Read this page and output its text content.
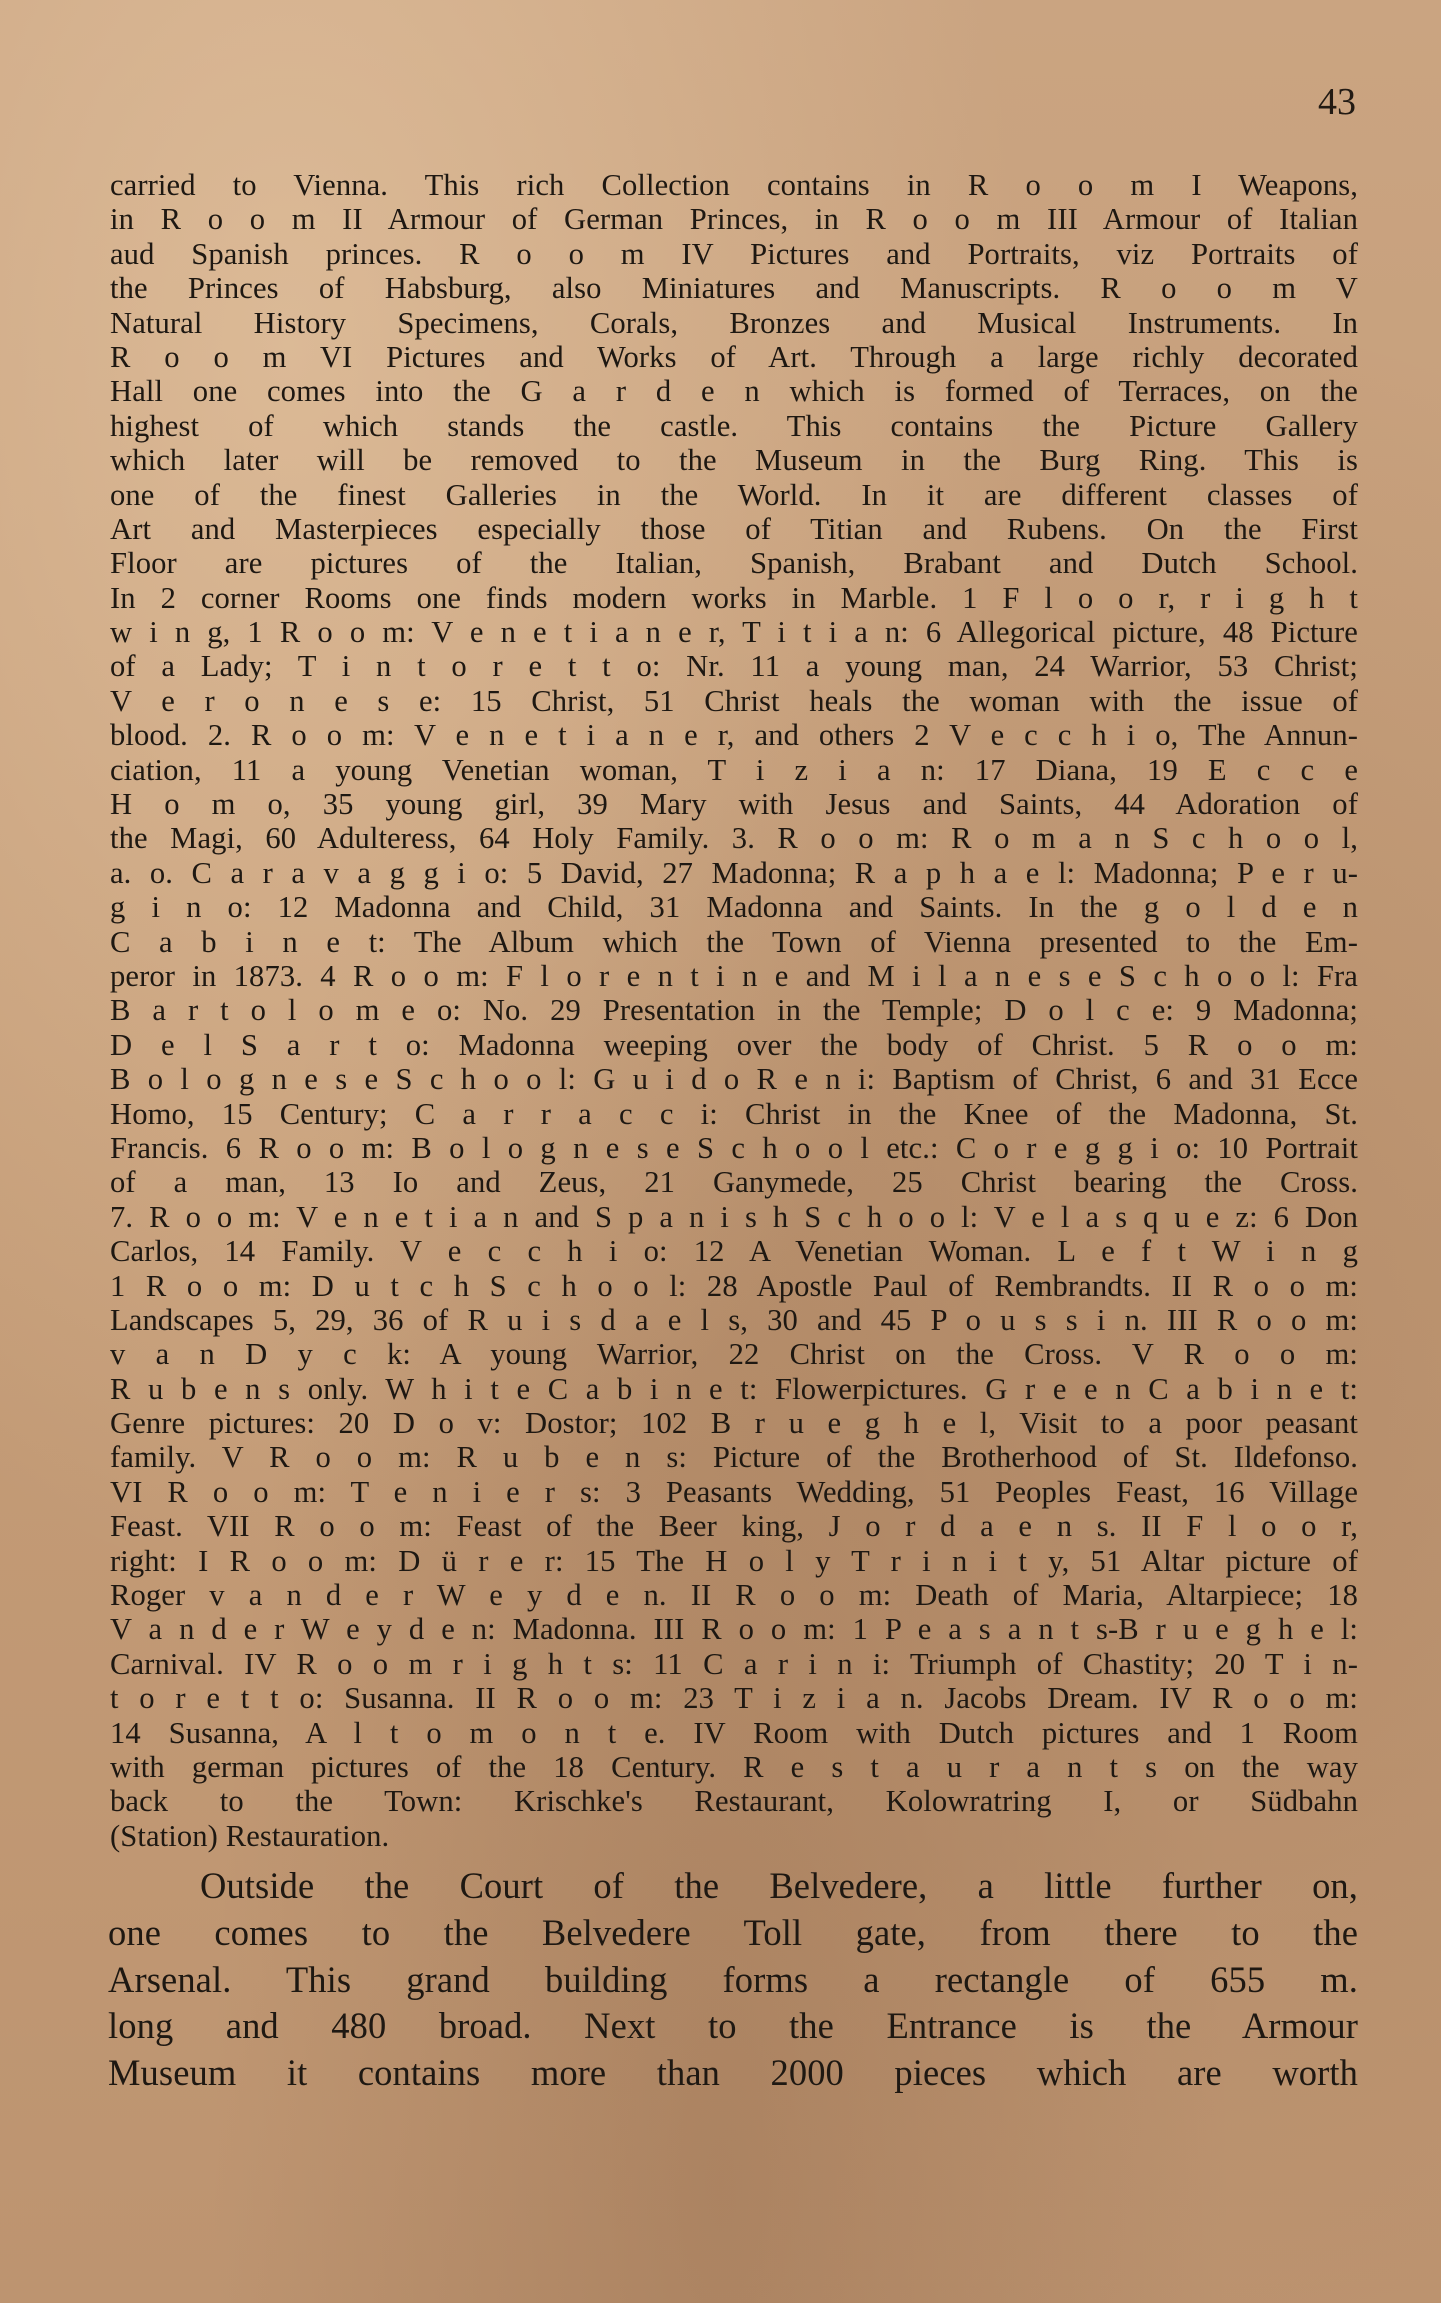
43
carried to Vienna. This rich Collection contains in R o o m I Weapons,
in R o o m II Armour of German Princes, in R o o m III Armour of Italian
aud Spanish princes. R o o m IV Pictures and Portraits, viz Portraits of
the Princes of Habsburg, also Miniatures and Manuscripts. R o o m V
Natural History Specimens, Corals, Bronzes and Musical Instruments. In
R o o m VI Pictures and Works of Art. Through a large richly decorated
Hall one comes into the G a r d e n which is formed of Terraces, on the
highest of which stands the castle. This contains the Picture Gallery
which later will be removed to the Museum in the Burg Ring. This is
one of the finest Galleries in the World. In it are different classes of
Art and Masterpieces especially those of Titian and Rubens. On the First
Floor are pictures of the Italian, Spanish, Brabant and Dutch School.
In 2 corner Rooms one finds modern works in Marble. 1 F l o o r, r i g h t
w i n g, 1 R o o m: V e n e t i a n e r, T i t i a n: 6 Allegorical picture, 48 Picture
of a Lady; T i n t o r e t t o: Nr. 11 a young man, 24 Warrior, 53 Christ;
V e r o n e s e: 15 Christ, 51 Christ heals the woman with the issue of
blood. 2. R o o m: V e n e t i a n e r, and others 2 V e c c h i o, The Annun-
ciation, 11 a young Venetian woman, T i z i a n: 17 Diana, 19 E c c e
H o m o, 35 young girl, 39 Mary with Jesus and Saints, 44 Adoration of
the Magi, 60 Adulteress, 64 Holy Family. 3. R o o m: R o m a n S c h o o l,
a. o. C a r a v a g g i o: 5 David, 27 Madonna; R a p h a e l: Madonna; P e r u-
g i n o: 12 Madonna and Child, 31 Madonna and Saints. In the g o l d e n
C a b i n e t: The Album which the Town of Vienna presented to the Em-
peror in 1873. 4 R o o m: F l o r e n t i n e and M i l a n e s e S c h o o l: Fra
B a r t o l o m e o: No. 29 Presentation in the Temple; D o l c e: 9 Madonna;
D e l S a r t o: Madonna weeping over the body of Christ. 5 R o o m:
B o l o g n e s e S c h o o l: G u i d o R e n i: Baptism of Christ, 6 and 31 Ecce
Homo, 15 Century; C a r r a c c i: Christ in the Knee of the Madonna, St.
Francis. 6 R o o m: B o l o g n e s e S c h o o l etc.: C o r e g g i o: 10 Portrait
of a man, 13 Io and Zeus, 21 Ganymede, 25 Christ bearing the Cross.
7. R o o m: V e n e t i a n and S p a n i s h S c h o o l: V e l a s q u e z: 6 Don
Carlos, 14 Family. V e c c h i o: 12 A Venetian Woman. L e f t W i n g
1 R o o m: D u t c h S c h o o l: 28 Apostle Paul of Rembrandts. II R o o m:
Landscapes 5, 29, 36 of R u i s d a e l s, 30 and 45 P o u s s i n. III R o o m:
v a n D y c k: A young Warrior, 22 Christ on the Cross. V R o o m:
R u b e n s only. W h i t e C a b i n e t: Flowerpictures. G r e e n C a b i n e t:
Genre pictures: 20 D o v: Dostor; 102 B r u e g h e l, Visit to a poor peasant
family. V R o o m: R u b e n s: Picture of the Brotherhood of St. Ildefonso.
VI R o o m: T e n i e r s: 3 Peasants Wedding, 51 Peoples Feast, 16 Village
Feast. VII R o o m: Feast of the Beer king, J o r d a e n s. II F l o o r,
right: I R o o m: D ü r e r: 15 The H o l y T r i n i t y, 51 Altar picture of
Roger v a n d e r W e y d e n. II R o o m: Death of Maria, Altarpiece; 18
V a n d e r W e y d e n: Madonna. III R o o m: 1 P e a s a n t s-B r u e g h e l:
Carnival. IV R o o m r i g h t s: 11 C a r i n i: Triumph of Chastity; 20 T i n-
t o r e t t o: Susanna. II R o o m: 23 T i z i a n. Jacobs Dream. IV R o o m:
14 Susanna, A l t o m o n t e. IV Room with Dutch pictures and 1 Room
with german pictures of the 18 Century. R e s t a u r a n t s on the way
back to the Town: Krischke's Restaurant, Kolowratring I, or Südbahn
(Station) Restauration.
Outside the Court of the Belvedere, a little further on,
one comes to the Belvedere Toll gate, from there to the
Arsenal. This grand building forms a rectangle of 655 m.
long and 480 broad. Next to the Entrance is the Armour
Museum it contains more than 2000 pieces which are worth
